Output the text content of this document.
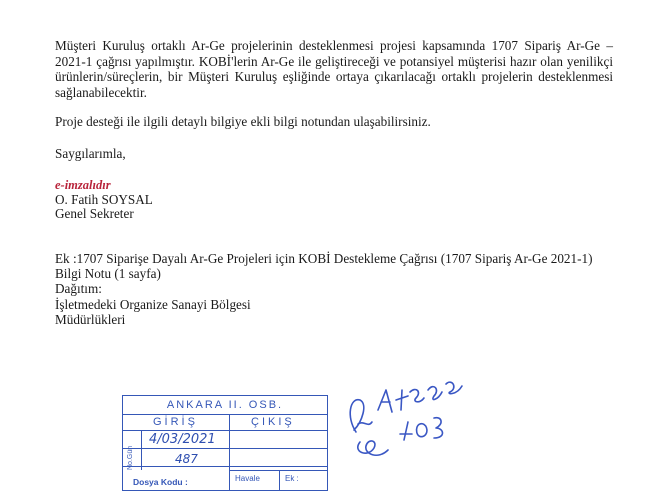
Müşteri Kuruluş ortaklı Ar-Ge projelerinin desteklenmesi projesi kapsamında 1707 Sipariş Ar-Ge – 2021-1 çağrısı yapılmıştır. KOBİ'lerin Ar-Ge ile geliştireceği ve potansiyel müşterisi hazır olan yenilikçi ürünlerin/süreçlerin, bir Müşteri Kuruluş eşliğinde ortaya çıkarılacağı ortaklı projelerin desteklenmesi sağlanabilecektir.

Proje desteği ile ilgili detaylı bilgiye ekli bilgi notundan ulaşabilirsiniz.

Saygılarımla,

e-imzalıdır

O. Fatih SOYSAL

Genel Sekreter

Ek :1707 Siparişe Dayalı Ar-Ge Projeleri için KOBİ Destekleme Çağrısı (1707 Sipariş Ar-Ge 2021-1)

Bilgi Notu (1 sayfa)

Dağıtım:

İşletmedeki Organize Sanayi Bölgesi

Müdürlükleri

ANKARA II. OSB.
GİRİŞ	ÇIKIŞ
No.Gün
4/03/2021
487
Dosya Kodu :	Havale	Ek :
